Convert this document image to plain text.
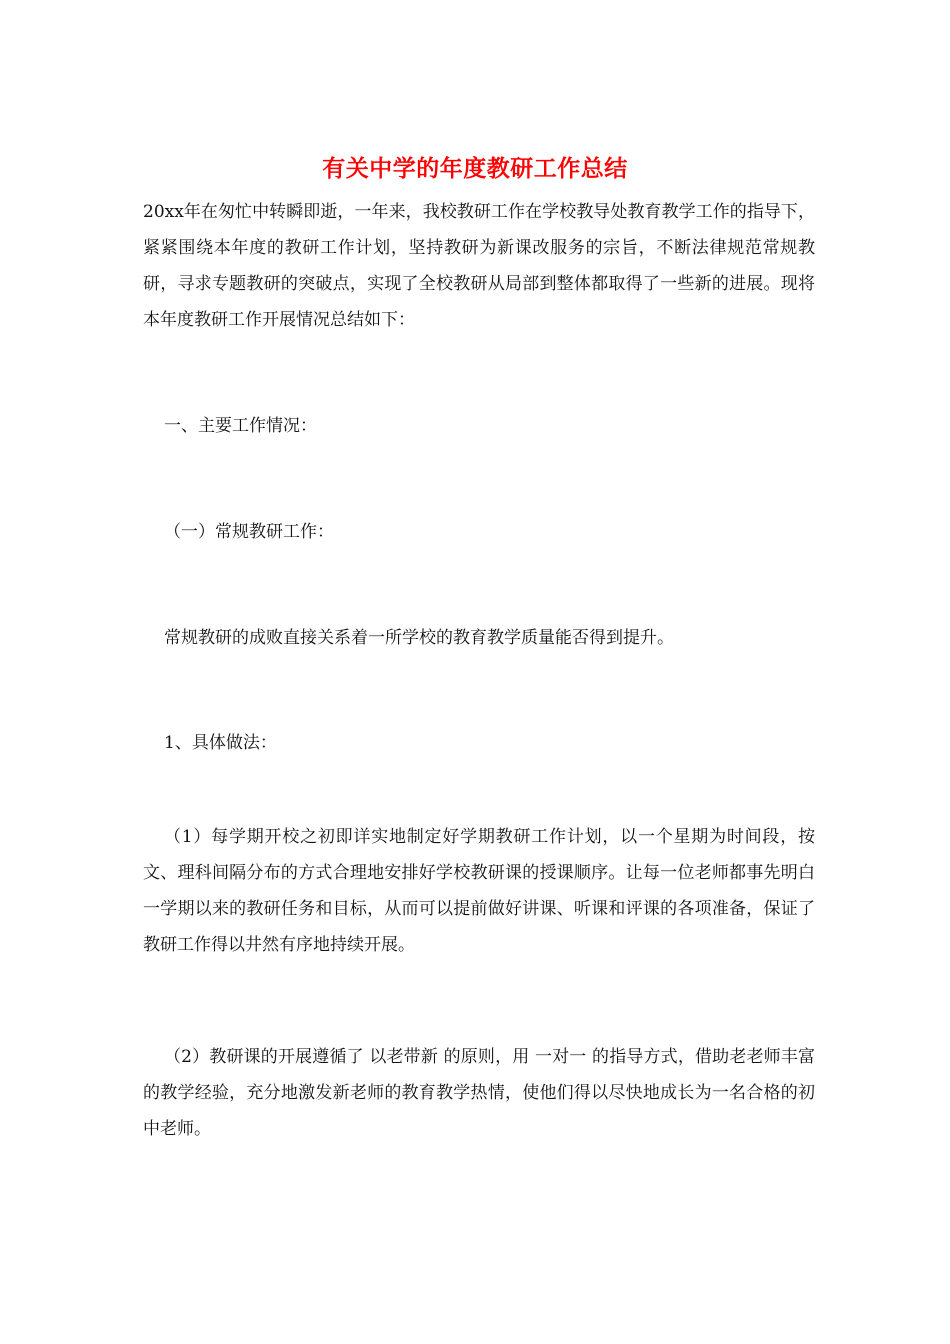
有关中学的年度教研工作总结
20xx年在匆忙中转瞬即逝，一年来，我校教研工作在学校教导处教育教学工作的指导下，紧紧围绕本年度的教研工作计划，坚持教研为新课改服务的宗旨，不断法律规范常规教研，寻求专题教研的突破点，实现了全校教研从局部到整体都取得了一些新的进展。现将本年度教研工作开展情况总结如下：
一、主要工作情况：
（一）常规教研工作：
常规教研的成败直接关系着一所学校的教育教学质量能否得到提升。
1、具体做法：
（1）每学期开校之初即详实地制定好学期教研工作计划，以一个星期为时间段，按文、理科间隔分布的方式合理地安排好学校教研课的授课顺序。让每一位老师都事先明白一学期以来的教研任务和目标，从而可以提前做好讲课、听课和评课的各项准备，保证了教研工作得以井然有序地持续开展。
（2）教研课的开展遵循了 以老带新 的原则，用 一对一 的指导方式，借助老老师丰富的教学经验，充分地激发新老师的教育教学热情，使他们得以尽快地成长为一名合格的初中老师。
